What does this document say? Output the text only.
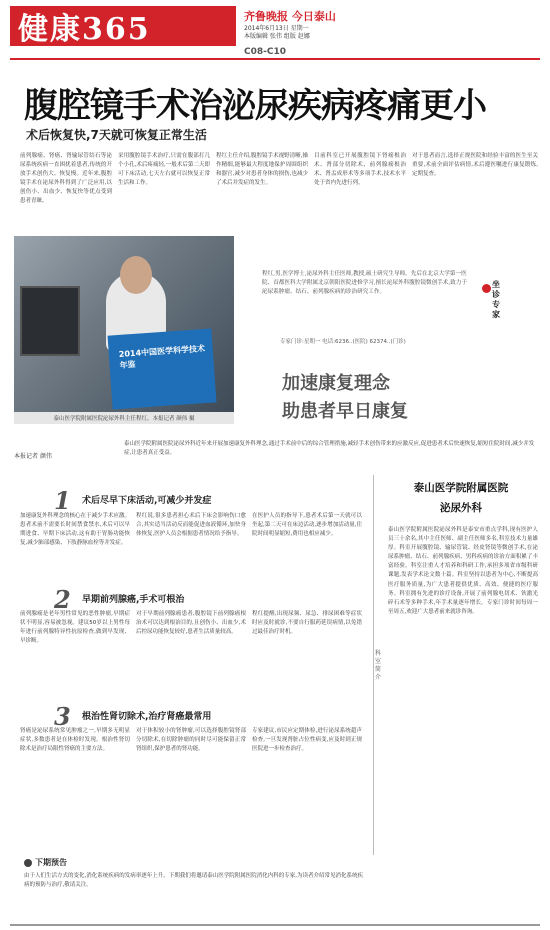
健康365	齐鲁晚报 今日泰山
2014年6月13日 星期一
本版编辑 张伟 组版 赵娜
C08-C10
腹腔镜手术治泌尿疾病疼痛更小
术后恢复快,7天就可恢复正常生活
前列腺癌、肾癌、肾输尿管结石等泌尿系统疾病一直困扰着患者,传统的开放手术创伤大、恢复慢。近年来,腹腔镜手术在泌尿外科得到了广泛应用,以创伤小、出血少、恢复快等优点受到患者青睐。
采用腹腔镜手术治疗,只需在腹部打几个小孔,术后疼痛轻,一般术后第二天即可下床活动,七天左右就可以恢复正常生活和工作。
程红主任介绍,腹腔镜手术视野清晰,操作精细,能够最大程度地保护周围组织和器官,减少对患者身体的损伤,也减少了术后并发症的发生。
目前科室已开展腹腔镜下肾癌根治术、肾部分切除术、前列腺癌根治术、肾盂成形术等多项手术,技术水平处于省内先进行列。
对于患者而言,选择正规医院和经验丰富的医生至关重要,术前全面评估病情,术后遵医嘱进行康复锻炼,定期复查。
2014中国医学科学技术年鉴
泰山医学院附属医院泌尿外科主任程红。本报记者 颜伟 摄
程红,男,医学博士,泌尿外科主任医师,教授,硕士研究生导师。先后在北京大学第一医院、首都医科大学附属北京朝阳医院进修学习,擅长泌尿外科腹腔镜微创手术,致力于泌尿系肿瘤、结石、前列腺疾病的诊治研究工作。
专家门诊:星期一 电话:6236..(医院) 62374..(门诊)
坐诊专家
加速康复理念
助患者早日康复
本报记者 颜伟
泰山医学院附属医院泌尿外科近年来开展加速康复外科理念,通过手术前中后的综合管理措施,减轻手术创伤带来的应激反应,促进患者术后快速恢复,缩短住院时间,减少并发症,让患者真正受益。
1 术后尽早下床活动,可减少并发症
加速康复外科理念的核心在于减少手术应激。患者术前不需要长时间禁食禁水,术后可以早期进食、早期下床活动,这有助于胃肠功能恢复,减少肺部感染、下肢静脉血栓等并发症。
程红说,很多患者担心术后下床会影响伤口愈合,其实适当活动反而能促进血液循环,加快身体恢复,医护人员会根据患者情况给予指导。
在医护人员的指导下,患者术后第一天就可以坐起,第二天可在床边活动,逐步增加活动量,住院时间明显缩短,费用也相应减少。
2 早期前列腺癌,手术可根治
前列腺癌是老年男性常见的恶性肿瘤,早期症状不明显,容易被忽视。建议50岁以上男性每年进行前列腺特异性抗原检查,做到早发现、早诊断。
对于早期前列腺癌患者,腹腔镜下前列腺癌根治术可以达到根治目的,且创伤小、出血少,术后控尿功能恢复较好,患者生活质量较高。
程红提醒,出现尿频、尿急、排尿困难等症状时应及时就诊,不要自行服药延误病情,以免错过最佳治疗时机。
3 根治性肾切除术,治疗肾癌最常用
肾癌是泌尿系统常见肿瘤之一,早期多无明显症状,多数患者是在体检时发现。根治性肾切除术是治疗局限性肾癌的主要方法。
对于体积较小的肾肿瘤,可以选择腹腔镜肾部分切除术,在切除肿瘤的同时尽可能保留正常肾组织,保护患者的肾功能。
专家建议,市民应定期体检,进行泌尿系统超声检查,一旦发现肾脏占位性病变,应及时到正规医院进一步检查治疗。
泰山医学院附属医院
泌尿外科
科室简介
泰山医学院附属医院泌尿外科是泰安市重点学科,现有医护人员三十余名,其中主任医师、副主任医师多名,科室技术力量雄厚。科室开展腹腔镜、输尿管镜、经皮肾镜等微创手术,在泌尿系肿瘤、结石、前列腺疾病、男科疾病的诊治方面积累了丰富经验。科室注重人才培养和科研工作,承担多项省市级科研课题,发表学术论文数十篇。科室坚持以患者为中心,不断提高医疗服务质量,为广大患者提供优质、高效、便捷的医疗服务。科室拥有先进的诊疗设备,开展了前列腺电切术、钬激光碎石术等多种手术,年手术量逐年增长。专家门诊时间每周一至周五,欢迎广大患者前来就诊咨询。
下期预告
由于人们生活方式的变化,消化系统疾病的发病率逐年上升。下期我们将邀请泰山医学院附属医院消化内科的专家,为读者介绍常见消化系统疾病的预防与治疗,敬请关注。
